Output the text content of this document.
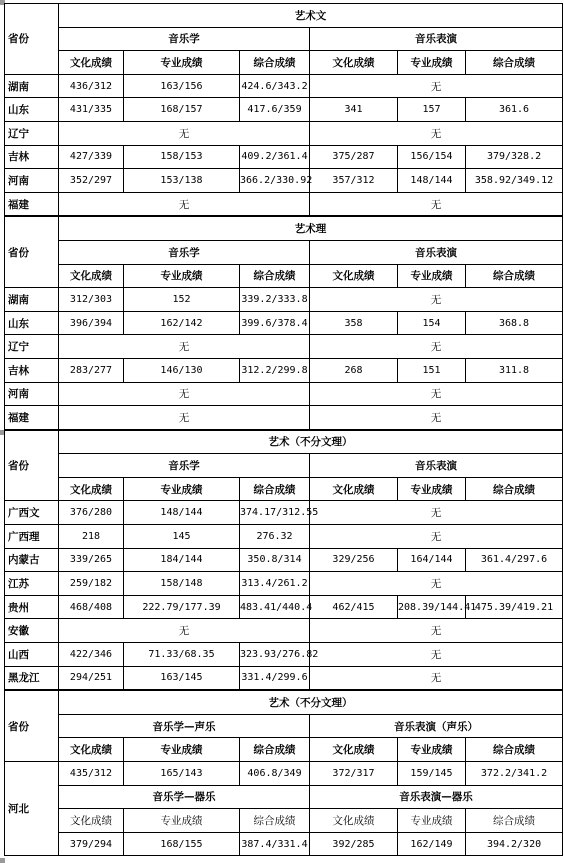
省份	艺术文					
	音乐学			音乐表演		
	文化成绩	专业成绩	综合成绩	文化成绩	专业成绩	综合成绩
湖南	436/312	163/156	424.6/343.2	无		
山东	431/335	168/157	417.6/359	341	157	361.6
辽宁	无			无		
吉林	427/339	158/153	409.2/361.4	375/287	156/154	379/328.2
河南	352/297	153/138	366.2/330.92	357/312	148/144	358.92/349.12
福建	无			无		
省份	艺术理					
	音乐学			音乐表演		
	文化成绩	专业成绩	综合成绩	文化成绩	专业成绩	综合成绩
湖南	312/303	152	339.2/333.8	无		
山东	396/394	162/142	399.6/378.4	358	154	368.8
辽宁	无			无		
吉林	283/277	146/130	312.2/299.8	268	151	311.8
河南	无			无		
福建	无			无		
省份	艺术（不分文理）					
	音乐学			音乐表演		
	文化成绩	专业成绩	综合成绩	文化成绩	专业成绩	综合成绩
广西文	376/280	148/144	374.17/312.55	无		
广西理	218	145	276.32	无		
内蒙古	339/265	184/144	350.8/314	329/256	164/144	361.4/297.6
江苏	259/182	158/148	313.4/261.2	无		
贵州	468/408	222.79/177.39	483.41/440.4	462/415	208.39/144.41	475.39/419.21
安徽	无			无		
山西	422/346	71.33/68.35	323.93/276.82	无		
黑龙江	294/251	163/145	331.4/299.6	无		
省份	艺术（不分文理）					
	音乐学—声乐			音乐表演（声乐）		
	文化成绩	专业成绩	综合成绩	文化成绩	专业成绩	综合成绩
河北	435/312	165/143	406.8/349	372/317	159/145	372.2/341.2
	音乐学—器乐			音乐表演—器乐		
	文化成绩	专业成绩	综合成绩	文化成绩	专业成绩	综合成绩
	379/294	168/155	387.4/331.4	392/285	162/149	394.2/320
